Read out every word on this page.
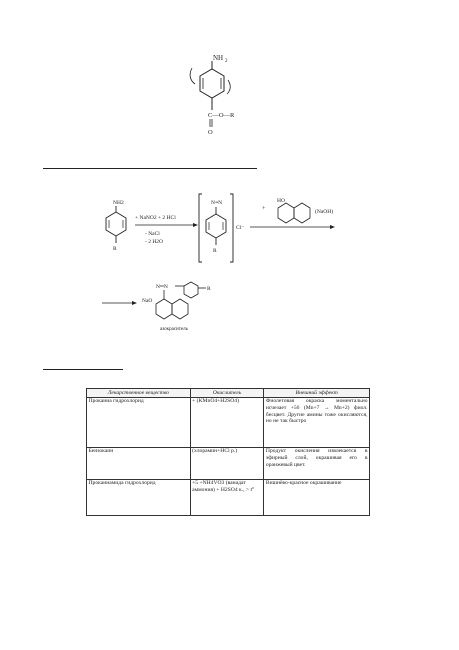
NH 2
C—O—R
O
NH2
R
+ NaNO2 + 2 HCl
- NaCl
- 2 H2O
N≡N
R
Cl⁻
+
HO
(NaOH)
NaO
N═N	R
азокраситель
Лекарственное вещество	Окислитель	Внешний эффект
Прокаина гидрохлорид	+ (KMnO4+H2SO4)	Фиолетовая окраска моментально исчезает +56 (Mn+7 → Mn+2) фиол. бесцвет. Другие амины тоже окисляются, но не так быстро
Бензокаин	(хлорамин+HCl р.)	Продукт окисления извлекается в эфирный слой, окрашивая его в оранжевый цвет.
Прокаинамида гидрохлорид	+5 +NH4VO3 (ванадат аммония) + H2SO4 к., > t°	Вишнёво-красное окрашивание
